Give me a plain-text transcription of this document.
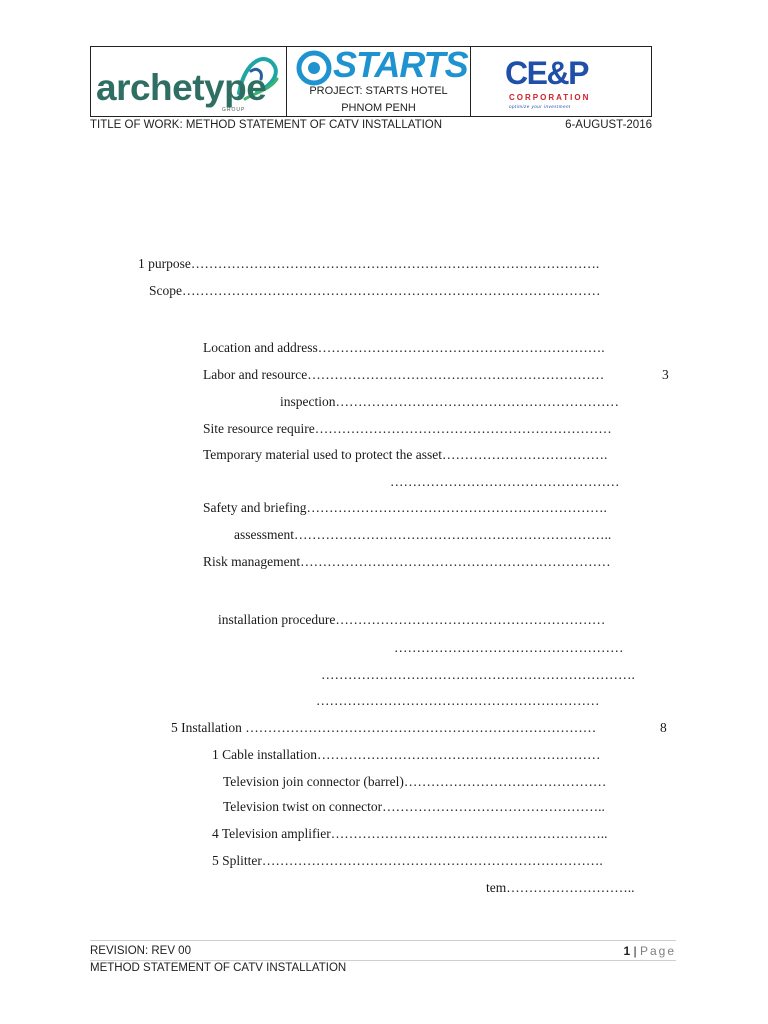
archetype
GROUP
STARTS
PROJECT: STARTS HOTEL
PHNOM PENH
CE&P
CORPORATION
optimize your investment
TITLE OF WORK: METHOD STATEMENT OF CATV INSTALLATION	6-AUGUST-2016
1 purpose……………………………………………………………………………….
Scope…………………………………………………………………………………
Location and address……………………………………………………….
Labor and resource…………………………………………………………	3
inspection………………………………………………………
Site resource require…………………………………………………………
Temporary material used to protect the asset……………………………….
……………………………………………
Safety and briefing………………………………………………………….
assessment……………………………………………………………..
Risk management……………………………………………………………
installation procedure……………………………………………………
……………………………………………
…………………………………………………………….
………………………………………………………
5 Installation ……………………………………………………………………	8
1 Cable installation………………………………………………………
Television join connector (barrel)………………………………………
Television twist on connector…………………………………………..
4 Television amplifier……………………………………………………..
5 Splitter………………………………………………………………….
tem………………………..
REVISION: REV 00	1 | Page
METHOD STATEMENT OF CATV INSTALLATION
